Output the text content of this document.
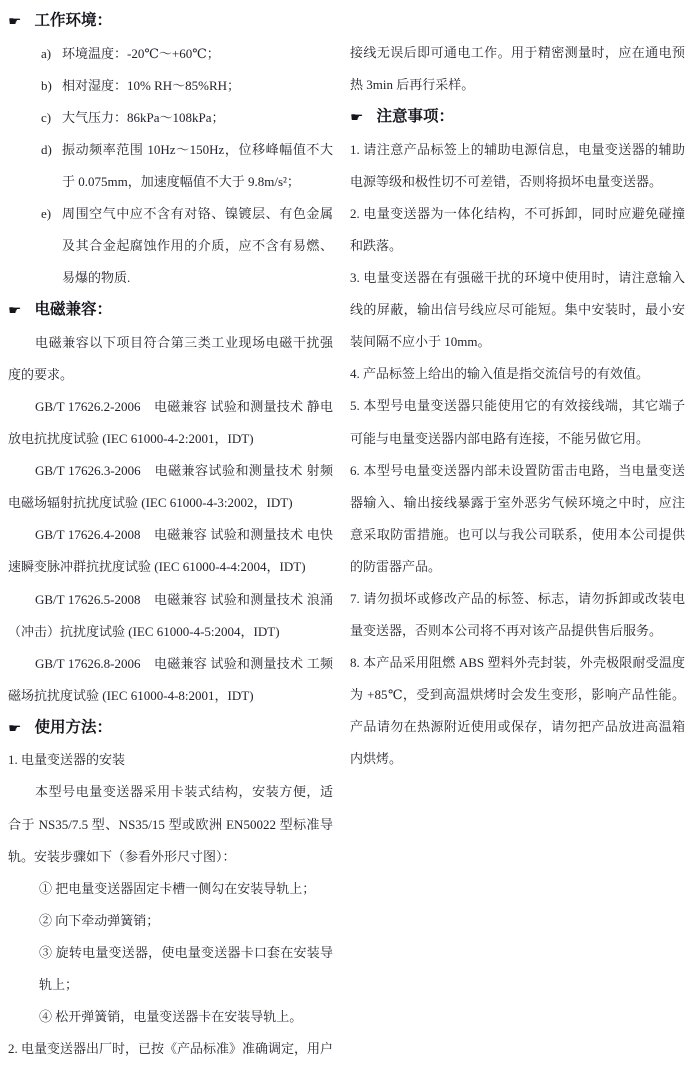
☛ 工作环境：

a) 环境温度：-20℃～+60℃；

b) 相对湿度：10% RH～85%RH；

c) 大气压力：86kPa～108kPa；

d) 振动频率范围 10Hz～150Hz，位移峰幅值不大于 0.075mm，加速度幅值不大于 9.8m/s²；

e) 周围空气中应不含有对铬、镍镀层、有色金属及其合金起腐蚀作用的介质，应不含有易燃、易爆的物质.

☛ 电磁兼容：

电磁兼容以下项目符合第三类工业现场电磁干扰强度的要求。

GB/T 17626.2-2006　电磁兼容 试验和测量技术 静电放电抗扰度试验 (IEC 61000-4-2:2001，IDT)

GB/T 17626.3-2006　电磁兼容试验和测量技术 射频电磁场辐射抗扰度试验 (IEC 61000-4-3:2002，IDT)

GB/T 17626.4-2008　电磁兼容 试验和测量技术 电快速瞬变脉冲群抗扰度试验 (IEC 61000-4-4:2004，IDT)

GB/T 17626.5-2008　电磁兼容 试验和测量技术 浪涌（冲击）抗扰度试验 (IEC 61000-4-5:2004，IDT)

GB/T 17626.8-2006　电磁兼容 试验和测量技术 工频磁场抗扰度试验 (IEC 61000-4-8:2001，IDT)

☛ 使用方法：

1. 电量变送器的安装

本型号电量变送器采用卡装式结构，安装方便，适合于 NS35/7.5 型、NS35/15 型或欧洲 EN50022 型标准导轨。安装步骤如下（参看外形尺寸图）：

① 把电量变送器固定卡槽一侧勾在安装导轨上；

② 向下牵动弹簧销；

③ 旋转电量变送器，使电量变送器卡口套在安装导轨上；

④ 松开弹簧销，电量变送器卡在安装导轨上。

2. 电量变送器出厂时，已按《产品标准》准确调定，用户

接线无误后即可通电工作。用于精密测量时，应在通电预热 3min 后再行采样。

☛ 注意事项：

1. 请注意产品标签上的辅助电源信息，电量变送器的辅助电源等级和极性切不可差错，否则将损坏电量变送器。

2. 电量变送器为一体化结构，不可拆卸，同时应避免碰撞和跌落。

3. 电量变送器在有强磁干扰的环境中使用时，请注意输入线的屏蔽，输出信号线应尽可能短。集中安装时，最小安装间隔不应小于 10mm。

4. 产品标签上给出的输入值是指交流信号的有效值。

5. 本型号电量变送器只能使用它的有效接线端，其它端子可能与电量变送器内部电路有连接，不能另做它用。

6. 本型号电量变送器内部未设置防雷击电路，当电量变送器输入、输出接线暴露于室外恶劣气候环境之中时，应注意采取防雷措施。也可以与我公司联系，使用本公司提供的防雷器产品。

7. 请勿损坏或修改产品的标签、标志，请勿拆卸或改装电量变送器，否则本公司将不再对该产品提供售后服务。

8. 本产品采用阻燃 ABS 塑料外壳封装，外壳极限耐受温度为 +85℃，受到高温烘烤时会发生变形，影响产品性能。产品请勿在热源附近使用或保存，请勿把产品放进高温箱内烘烤。
